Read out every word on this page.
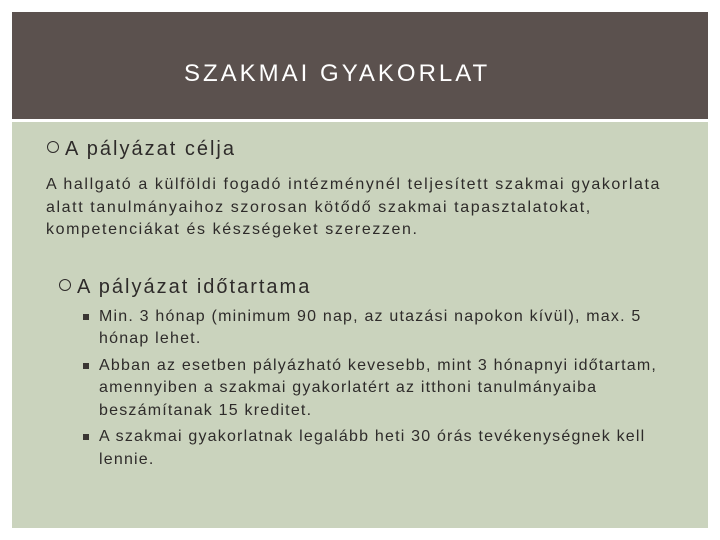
SZAKMAI GYAKORLAT
A pályázat célja
A hallgató a külföldi fogadó intézménynél teljesített szakmai gyakorlata alatt tanulmányaihoz szorosan kötődő szakmai tapasztalatokat, kompetenciákat és készségeket szerezzen.
A pályázat időtartama
Min. 3 hónap (minimum 90 nap, az utazási napokon kívül), max. 5 hónap lehet.
Abban az esetben pályázható kevesebb, mint 3 hónapnyi időtartam, amennyiben a szakmai gyakorlatért az itthoni tanulmányaiba beszámítanak 15 kreditet.
A szakmai gyakorlatnak legalább heti 30 órás tevékenységnek kell lennie.
